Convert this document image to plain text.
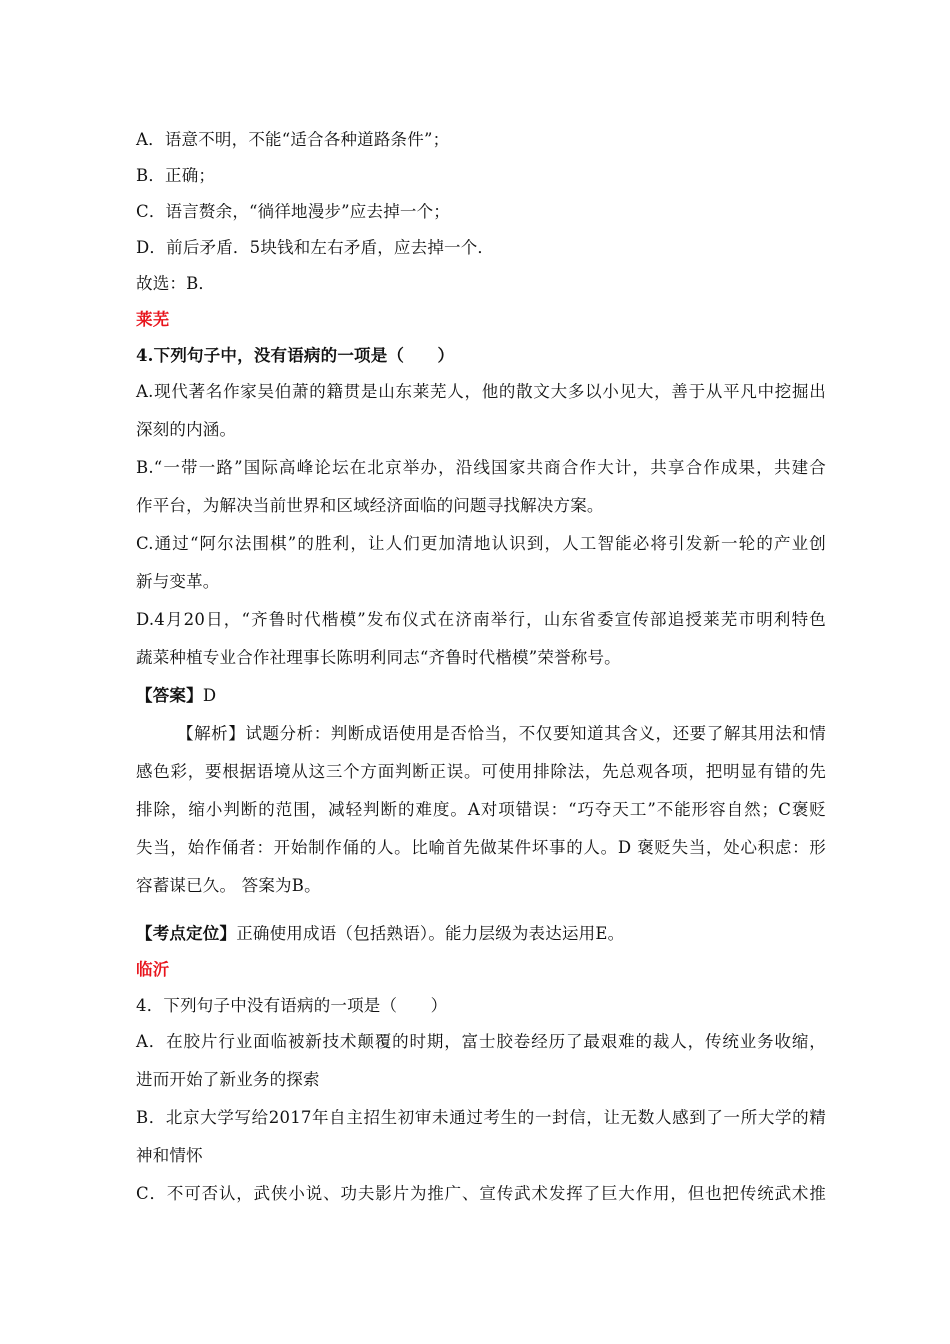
A．语意不明，不能“适合各种道路条件”；
B．正确；
C．语言赘余，“徜徉地漫步”应去掉一个；
D．前后矛盾．5块钱和左右矛盾，应去掉一个．
故选：B．
莱芜
4.下列句子中，没有语病的一项是（　　）
A.现代著名作家吴伯萧的籍贯是山东莱芜人，他的散文大多以小见大，善于从平凡中挖掘出
深刻的内涵。
B.“一带一路”国际高峰论坛在北京举办，沿线国家共商合作大计，共享合作成果，共建合
作平台，为解决当前世界和区域经济面临的问题寻找解决方案。
C.通过“阿尔法围棋”的胜利，让人们更加清地认识到，人工智能必将引发新一轮的产业创
新与变革。
D.4月20日，“齐鲁时代楷模”发布仪式在济南举行，山东省委宣传部追授莱芜市明利特色
蔬菜种植专业合作社理事长陈明利同志“齐鲁时代楷模”荣誉称号。
【答案】D
【解析】试题分析：判断成语使用是否恰当，不仅要知道其含义，还要了解其用法和情
感色彩，要根据语境从这三个方面判断正误。可使用排除法，先总观各项，把明显有错的先
排除，缩小判断的范围，减轻判断的难度。A对项错误：“巧夺天工”不能形容自然；C褒贬
失当，始作俑者：开始制作俑的人。比喻首先做某件坏事的人。D 褒贬失当，处心积虑：形
容蓄谋已久。 答案为B。
【考点定位】正确使用成语（包括熟语）。能力层级为表达运用E。
临沂
4．下列句子中没有语病的一项是（　　）
A．在胶片行业面临被新技术颠覆的时期，富士胶卷经历了最艰难的裁人，传统业务收缩，
进而开始了新业务的探索
B．北京大学写给2017年自主招生初审未通过考生的一封信，让无数人感到了一所大学的精
神和情怀
C．不可否认，武侠小说、功夫影片为推广、宣传武术发挥了巨大作用，但也把传统武术推
